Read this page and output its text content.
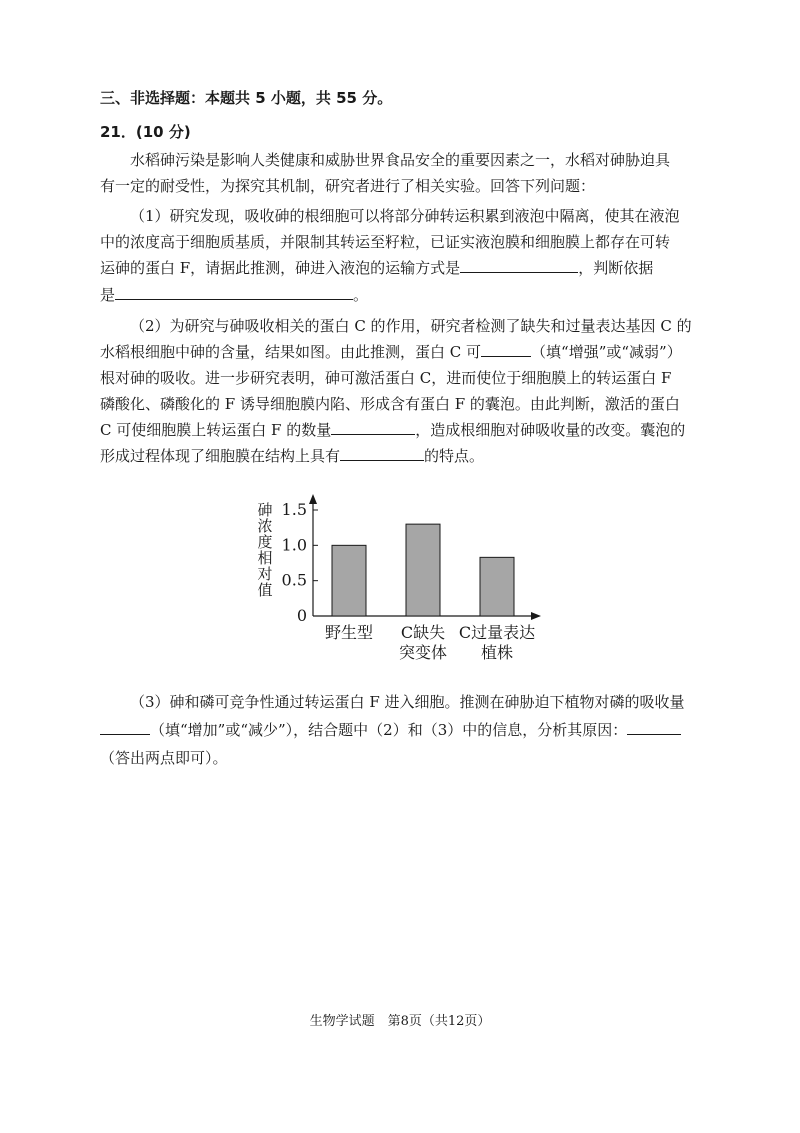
三、非选择题：本题共 5 小题，共 55 分。
21．(10 分)
水稻砷污染是影响人类健康和威胁世界食品安全的重要因素之一，水稻对砷胁迫具
有一定的耐受性，为探究其机制，研究者进行了相关实验。回答下列问题：
（1）研究发现，吸收砷的根细胞可以将部分砷转运积累到液泡中隔离，使其在液泡
中的浓度高于细胞质基质，并限制其转运至籽粒，已证实液泡膜和细胞膜上都存在可转
运砷的蛋白 F，请据此推测，砷进入液泡的运输方式是	，判断依据
是	。
（2）为研究与砷吸收相关的蛋白 C 的作用，研究者检测了缺失和过量表达基因 C 的
水稻根细胞中砷的含量，结果如图。由此推测，蛋白 C 可	（填“增强”或“减弱”）
根对砷的吸收。进一步研究表明，砷可激活蛋白 C，进而使位于细胞膜上的转运蛋白 F
磷酸化、磷酸化的 F 诱导细胞膜内陷、形成含有蛋白 F 的囊泡。由此判断，激活的蛋白
C 可使细胞膜上转运蛋白 F 的数量	，造成根细胞对砷吸收量的改变。囊泡的
形成过程体现了细胞膜在结构上具有	的特点。
砷
浓
度
相
对
值
0
0.5
1.0
1.5
野生型 C缺失
突变体
C过量表达
植株
（3）砷和磷可竞争性通过转运蛋白 F 进入细胞。推测在砷胁迫下植物对磷的吸收量
（填“增加”或“减少”），结合题中（2）和（3）中的信息，分析其原因：
（答出两点即可）。
生物学试题　第8页（共12页）
